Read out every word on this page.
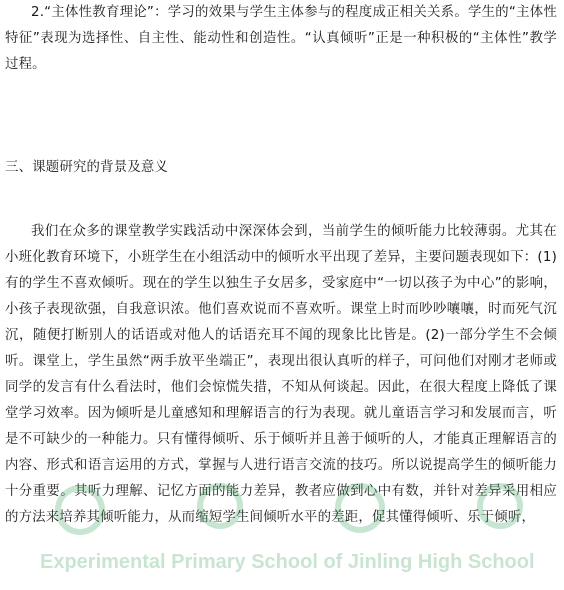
2.“主体性教育理论”：学习的效果与学生主体参与的程度成正相关关系。学生的“主体性特征”表现为选择性、自主性、能动性和创造性。“认真倾听”正是一种积极的“主体性”教学过程。

三、课题研究的背景及意义

我们在众多的课堂教学实践活动中深深体会到，当前学生的倾听能力比较薄弱。尤其在小班化教育环境下，小班学生在小组活动中的倾听水平出现了差异，主要问题表现如下：(1)有的学生不喜欢倾听。现在的学生以独生子女居多，受家庭中“一切以孩子为中心”的影响，小孩子表现欲强，自我意识浓。他们喜欢说而不喜欢听。课堂上时而吵吵嚷嚷，时而死气沉沉，随便打断别人的话语或对他人的话语充耳不闻的现象比比皆是。(2)一部分学生不会倾听。课堂上，学生虽然“两手放平坐端正”，表现出很认真听的样子，可问他们对刚才老师或同学的发言有什么看法时，他们会惊慌失措，不知从何谈起。因此，在很大程度上降低了课堂学习效率。因为倾听是儿童感知和理解语言的行为表现。就儿童语言学习和发展而言，听是不可缺少的一种能力。只有懂得倾听、乐于倾听并且善于倾听的人，才能真正理解语言的内容、形式和语言运用的方式，掌握与人进行语言交流的技巧。所以说提高学生的倾听能力十分重要。其听力理解、记忆方面的能力差异，教者应做到心中有数，并针对差异采用相应的方法来培养其倾听能力，从而缩短学生间倾听水平的差距，促其懂得倾听、乐于倾听，

Experimental Primary School of Jinling High School
